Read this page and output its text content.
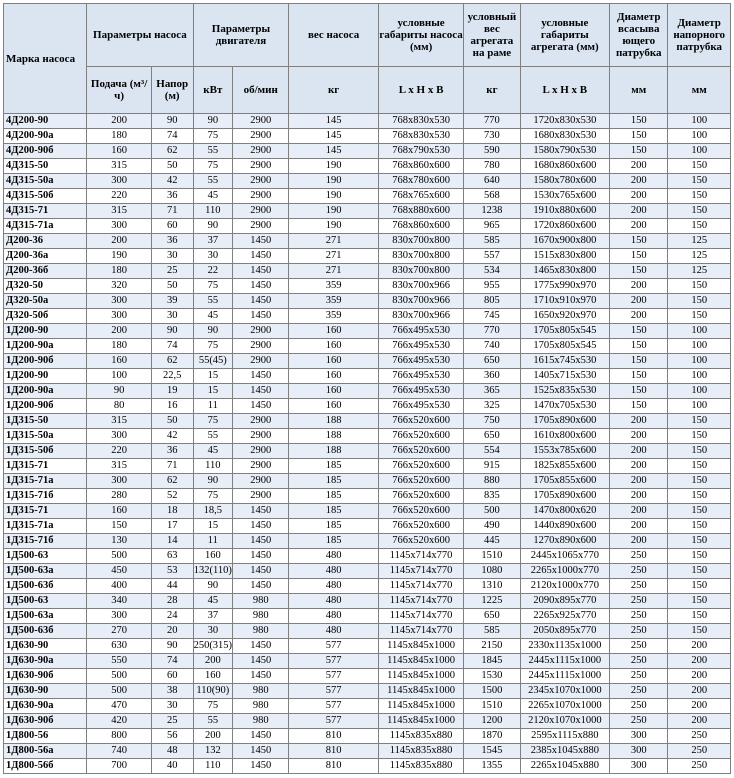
Марка насоса	Параметры насоса		Параметры двигателя		вес насоса	условные габариты насоса (мм)	условный вес агрегата на раме	условные габариты агрегата (мм)	Диаметр всасыва ющего патрубка	Диаметр напорного патрубка
	Подача (м³/ч)	Напор (м)	кВт	об/мин	кг	L x H x B	кг	L x H x B	мм	мм
4Д200-90	200	90	90	2900	145	768x830x530	770	1720x830x530	150	100
4Д200-90а	180	74	75	2900	145	768x830x530	730	1680x830x530	150	100
4Д200-90б	160	62	55	2900	145	768x790x530	590	1580x790x530	150	100
4Д315-50	315	50	75	2900	190	768x860x600	780	1680x860x600	200	150
4Д315-50а	300	42	55	2900	190	768x780x600	640	1580x780x600	200	150
4Д315-50б	220	36	45	2900	190	768x765x600	568	1530x765x600	200	150
4Д315-71	315	71	110	2900	190	768x880x600	1238	1910x880x600	200	150
4Д315-71а	300	60	90	2900	190	768x860x600	965	1720x860x600	200	150
Д200-36	200	36	37	1450	271	830x700x800	585	1670x900x800	150	125
Д200-36а	190	30	30	1450	271	830x700x800	557	1515x830x800	150	125
Д200-36б	180	25	22	1450	271	830x700x800	534	1465x830x800	150	125
Д320-50	320	50	75	1450	359	830x700x966	955	1775x990x970	200	150
Д320-50а	300	39	55	1450	359	830x700x966	805	1710x910x970	200	150
Д320-50б	300	30	45	1450	359	830x700x966	745	1650x920x970	200	150
1Д200-90	200	90	90	2900	160	766x495x530	770	1705x805x545	150	100
1Д200-90а	180	74	75	2900	160	766x495x530	740	1705x805x545	150	100
1Д200-90б	160	62	55(45)	2900	160	766x495x530	650	1615x745x530	150	100
1Д200-90	100	22,5	15	1450	160	766x495x530	360	1405x715x530	150	100
1Д200-90а	90	19	15	1450	160	766x495x530	365	1525x835x530	150	100
1Д200-90б	80	16	11	1450	160	766x495x530	325	1470x705x530	150	100
1Д315-50	315	50	75	2900	188	766x520x600	750	1705x890x600	200	150
1Д315-50а	300	42	55	2900	188	766x520x600	650	1610x800x600	200	150
1Д315-50б	220	36	45	2900	188	766x520x600	554	1553x785x600	200	150
1Д315-71	315	71	110	2900	185	766x520x600	915	1825x855x600	200	150
1Д315-71а	300	62	90	2900	185	766x520x600	880	1705x855x600	200	150
1Д315-71б	280	52	75	2900	185	766x520x600	835	1705x890x600	200	150
1Д315-71	160	18	18,5	1450	185	766x520x600	500	1470x800x620	200	150
1Д315-71а	150	17	15	1450	185	766x520x600	490	1440x890x600	200	150
1Д315-71б	130	14	11	1450	185	766x520x600	445	1270x890x600	200	150
1Д500-63	500	63	160	1450	480	1145x714x770	1510	2445x1065x770	250	150
1Д500-63а	450	53	132(110)	1450	480	1145x714x770	1080	2265x1000x770	250	150
1Д500-63б	400	44	90	1450	480	1145x714x770	1310	2120x1000x770	250	150
1Д500-63	340	28	45	980	480	1145x714x770	1225	2090x895x770	250	150
1Д500-63а	300	24	37	980	480	1145x714x770	650	2265x925x770	250	150
1Д500-63б	270	20	30	980	480	1145x714x770	585	2050x895x770	250	150
1Д630-90	630	90	250(315)	1450	577	1145x845x1000	2150	2330x1135x1000	250	200
1Д630-90а	550	74	200	1450	577	1145x845x1000	1845	2445x1115x1000	250	200
1Д630-90б	500	60	160	1450	577	1145x845x1000	1530	2445x1115x1000	250	200
1Д630-90	500	38	110(90)	980	577	1145x845x1000	1500	2345x1070x1000	250	200
1Д630-90а	470	30	75	980	577	1145x845x1000	1510	2265x1070x1000	250	200
1Д630-90б	420	25	55	980	577	1145x845x1000	1200	2120x1070x1000	250	200
1Д800-56	800	56	200	1450	810	1145x835x880	1870	2595x1115x880	300	250
1Д800-56а	740	48	132	1450	810	1145x835x880	1545	2385x1045x880	300	250
1Д800-56б	700	40	110	1450	810	1145x835x880	1355	2265x1045x880	300	250
